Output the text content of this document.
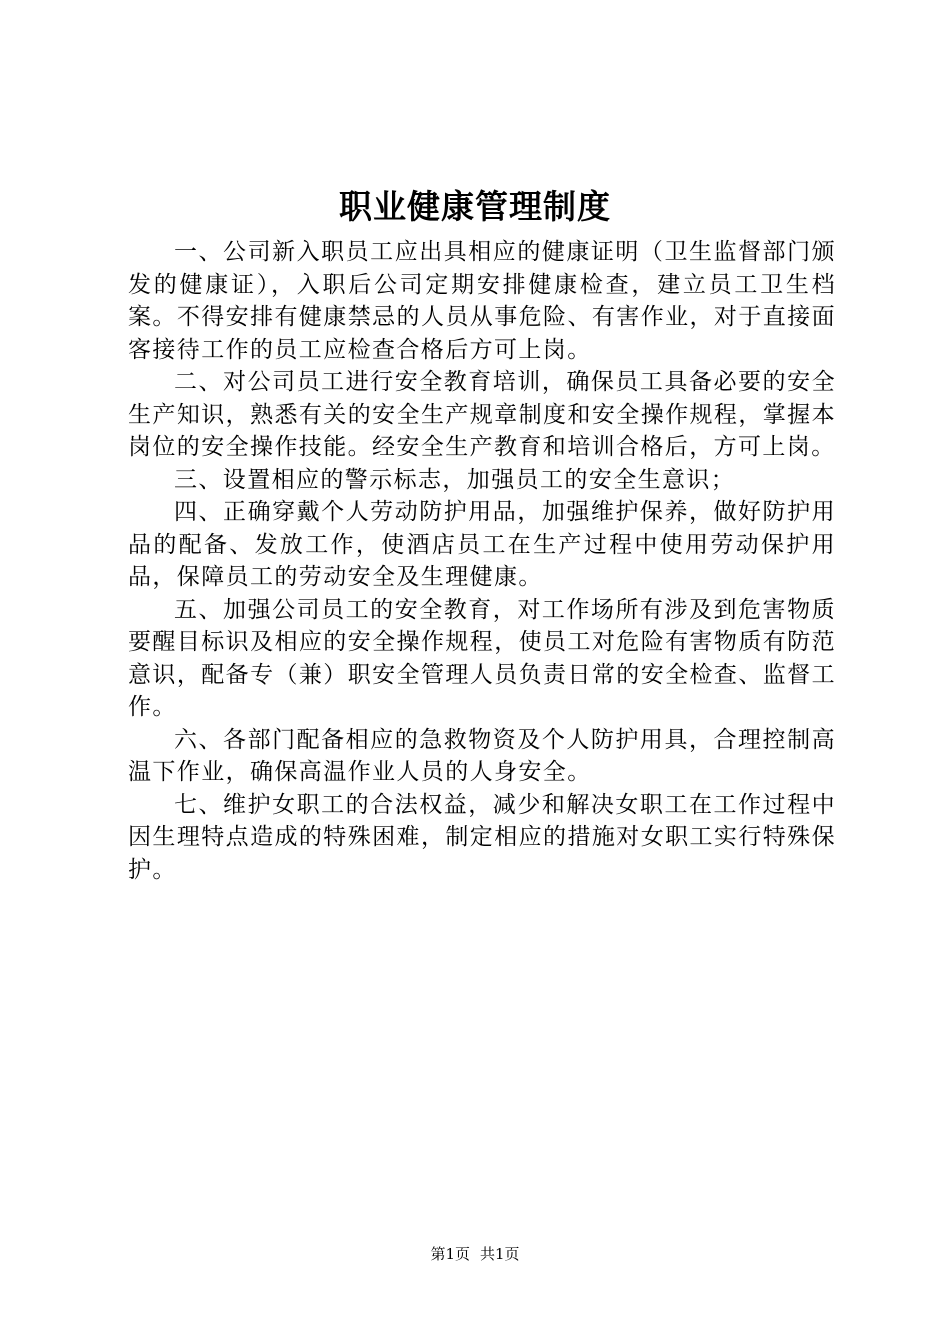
职业健康管理制度

一、公司新入职员工应出具相应的健康证明（卫生监督部门颁发的健康证），入职后公司定期安排健康检查，建立员工卫生档案。不得安排有健康禁忌的人员从事危险、有害作业，对于直接面客接待工作的员工应检查合格后方可上岗。

二、对公司员工进行安全教育培训，确保员工具备必要的安全生产知识，熟悉有关的安全生产规章制度和安全操作规程，掌握本岗位的安全操作技能。经安全生产教育和培训合格后，方可上岗。

三、设置相应的警示标志，加强员工的安全生意识；

四、正确穿戴个人劳动防护用品，加强维护保养，做好防护用品的配备、发放工作，使酒店员工在生产过程中使用劳动保护用品，保障员工的劳动安全及生理健康。

五、加强公司员工的安全教育，对工作场所有涉及到危害物质要醒目标识及相应的安全操作规程，使员工对危险有害物质有防范意识，配备专（兼）职安全管理人员负责日常的安全检查、监督工作。

六、各部门配备相应的急救物资及个人防护用具，合理控制高温下作业，确保高温作业人员的人身安全。

七、维护女职工的合法权益，减少和解决女职工在工作过程中因生理特点造成的特殊困难，制定相应的措施对女职工实行特殊保护。

第1页 共1页
